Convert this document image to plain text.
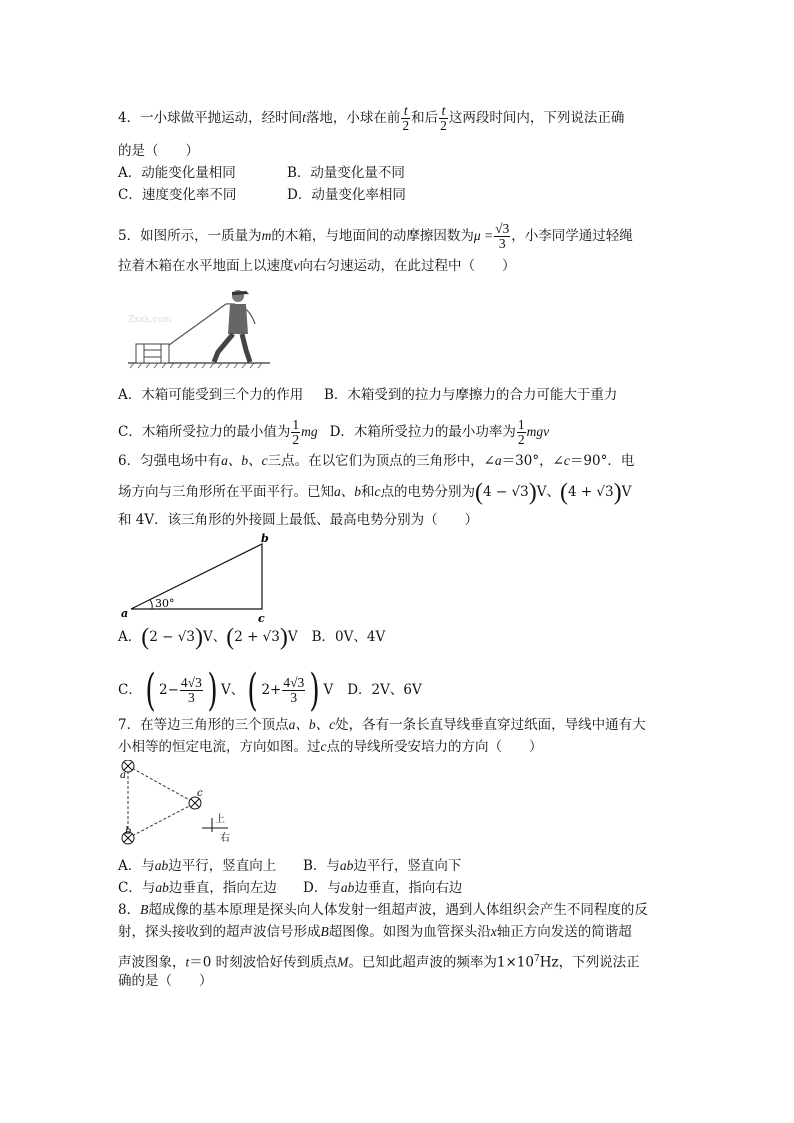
4．一小球做平抛运动，经时间t落地，小球在前 $\frac{t}{2}$ 和后 $\frac{t}{2}$ 这两段时间内，下列说法正确
的是（　　）
A．动能变化量相同	B．动量变化量不同
C．速度变化率不同	D．动量变化率相同
5．如图所示，一质量为m的木箱，与地面间的动摩擦因数为$\mu = \frac{√3}{3}$ ，小李同学通过轻绳
拉着木箱在水平地面上以速度v向右匀速运动，在此过程中（　　）
Zxxk.com
A．木箱可能受到三个力的作用 B．木箱受到的拉力与摩擦力的合力可能大于重力
C．木箱所受拉力的最小值为 $\frac{1}{2}$ mg D．木箱所受拉力的最小功率为 $\frac{1}{2}$ mgv
6．匀强电场中有a、b、c三点。在以它们为顶点的三角形中，∠a＝30°，∠c＝90°．电
场方向与三角形所在平面平行。已知a、b和c点的电势分别为(4 − √3)V、(4 + √3)V
和 4V．该三角形的外接圆上最低、最高电势分别为（　　）
30°
a
b
c
A．(2 − √3)V、(2 + √3)V B．0V、4V
C．( $2- \frac{4√3}{3}$ ) V、( $2+ \frac{4√3}{3}$ ) V D．2V、6V
7．在等边三角形的三个顶点a、b、c处，各有一条长直导线垂直穿过纸面，导线中通有大
小相等的恒定电流，方向如图。过c点的导线所受安培力的方向（　　）
a
b
c
上
右
A．与ab边平行，竖直向上 B．与ab边平行，竖直向下
C．与ab边垂直，指向左边 D．与ab边垂直，指向右边
8．B超成像的基本原理是探头向人体发射一组超声波，遇到人体组织会产生不同程度的反
射，探头接收到的超声波信号形成B超图像。如图为血管探头沿x轴正方向发送的简谐超
声波图象，t＝0 时刻波恰好传到质点M。已知此超声波的频率为$1\times 10^7Hz$，下列说法正
确的是（　　）
